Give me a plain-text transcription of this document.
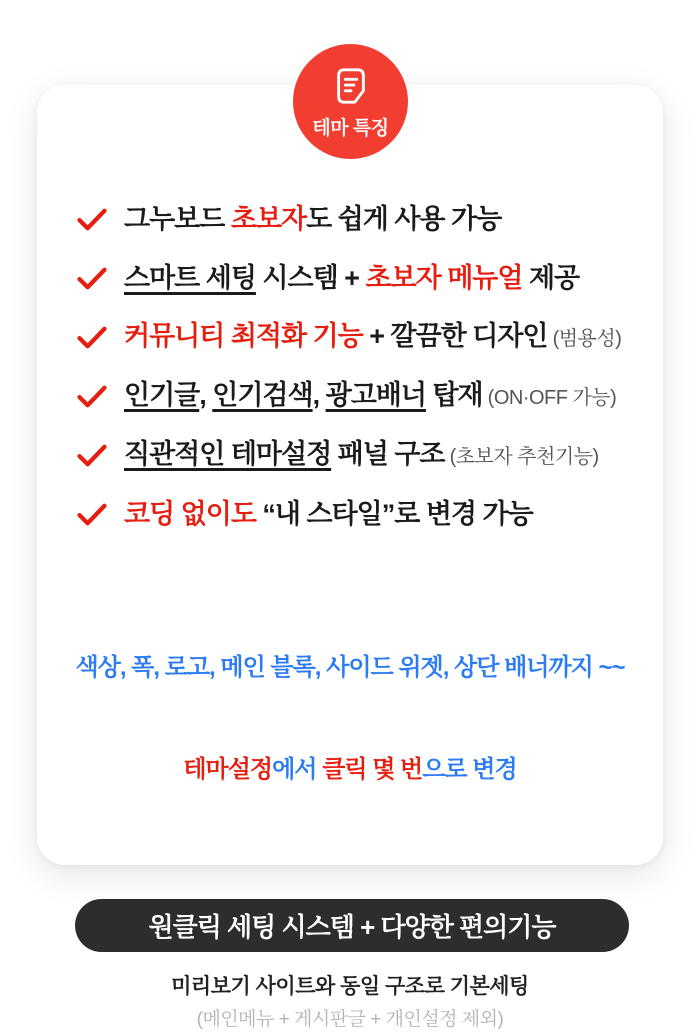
테마 특징

그누보드 초보자도 쉽게 사용 가능

스마트 세팅 시스템 + 초보자 메뉴얼 제공

커뮤니티 최적화 기능 + 깔끔한 디자인 (범용성)

인기글, 인기검색, 광고배너 탑재 (ON·OFF 가능)

직관적인 테마설정 패널 구조 (초보자 추천기능)

코딩 없이도 “내 스타일”로 변경 가능

색상, 폭, 로고, 메인 블록, 사이드 위젯, 상단 배너까지 ~~

테마설정에서 클릭 몇 번으로 변경

원클릭 세팅 시스템 + 다양한 편의기능
미리보기 사이트와 동일 구조로 기본세팅
(메인메뉴 + 게시판글 + 개인설정 제외)
